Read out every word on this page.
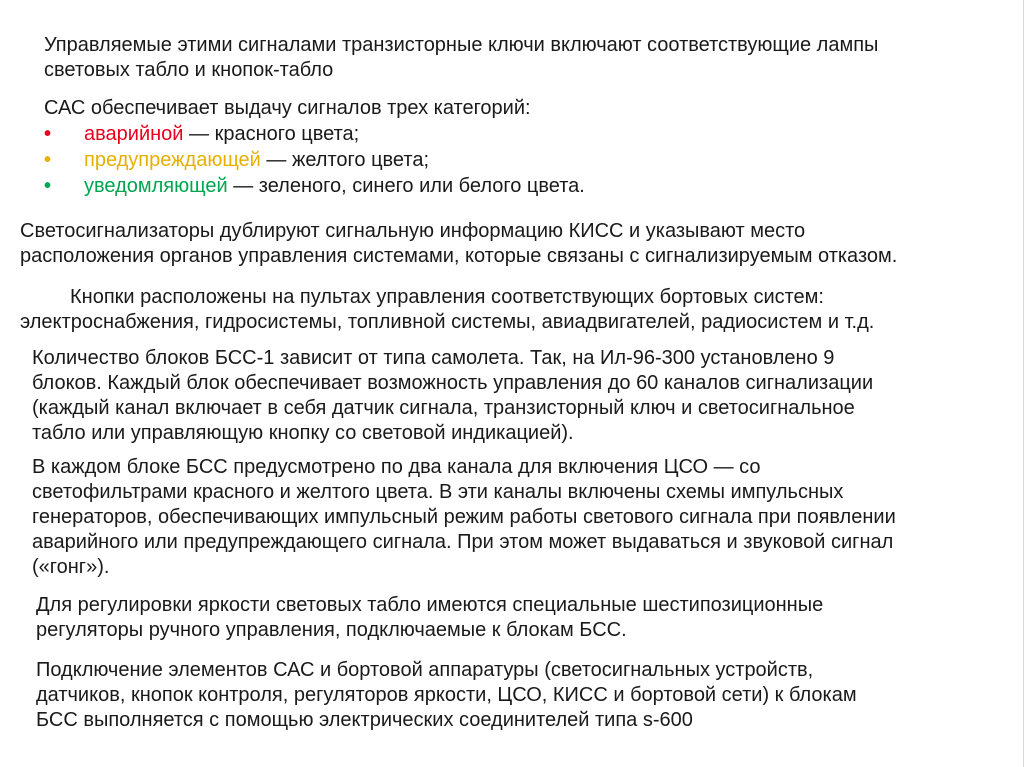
Управляемые этими сигналами транзисторные ключи включают соответствующие лампы
световых табло и кнопок-табло

САС обеспечивает выдачу сигналов трех категорий:

• аварийной — красного цвета;
• предупреждающей — желтого цвета;
• уведомляющей — зеленого, синего или белого цвета.

Светосигнализаторы дублируют сигнальную информацию КИСС и указывают место
расположения органов управления системами, которые связаны с сигнализируемым отказом.

Кнопки расположены на пультах управления соответствующих бортовых систем:
электроснабжения, гидросистемы, топливной системы, авиадвигателей, радиосистем и т.д.

Количество блоков БСС-1 зависит от типа самолета. Так, на Ил-96-300 установлено 9
блоков. Каждый блок обеспечивает возможность управления до 60 каналов сигнализации
(каждый канал включает в себя датчик сигнала, транзисторный ключ и светосигнальное
табло или управляющую кнопку со световой индикацией).

В каждом блоке БСС предусмотрено по два канала для включения ЦСО — со
светофильтрами красного и желтого цвета. В эти каналы включены схемы импульсных
генераторов, обеспечивающих импульсный режим работы светового сигнала при появлении
аварийного или предупреждающего сигнала. При этом может выдаваться и звуковой сигнал
(«гонг»).

Для регулировки яркости световых табло имеются специальные шестипозиционные
регуляторы ручного управления, подключаемые к блокам БСС.

Подключение элементов САС и бортовой аппаратуры (светосигнальных устройств,
датчиков, кнопок контроля, регуляторов яркости, ЦСО, КИСС и бортовой сети) к блокам
БСС выполняется с помощью электрических соединителей типа s-600
